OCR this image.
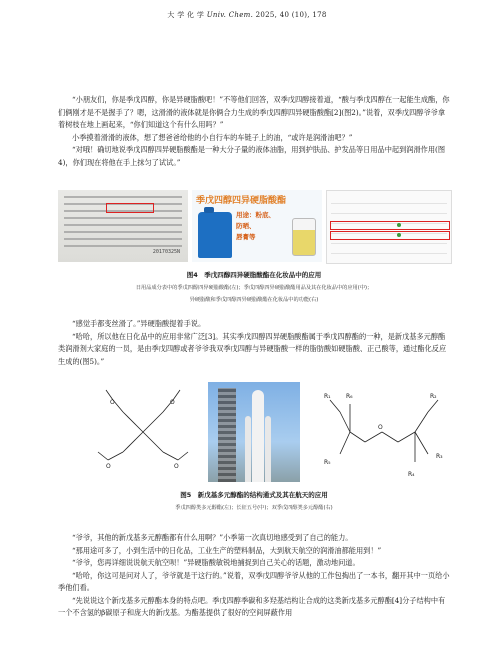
大 学 化 学 Univ. Chem. 2025, 40 (10), 178

“小朋友们，你是季戊四醇，你是异硬脂酸吧！”不等他们回答，双季戊四醇接着道，“酸与季戊四醇在一起能生成酯，你们俩刚才是不是握手了？嗯，这滑滑的液体就是你俩合力生成的季戊四醇四异硬脂酸酯[2](图2)。”说着，双季戊四醇爷爷拿着树枝在地上画起来，“你们知道这个有什么用吗？”

小季摸着滑滑的液体，想了想爸爸给他的小自行车的车链子上的油，“或许是润滑油吧？”

“对哦！确切地说季戊四醇四异硬脂酸酯是一种大分子量的液体油脂，用到护肤品、护发品等日用品中起到润滑作用(图4)，你们现在将他在手上抹匀了试试。”

20170325N
季戊四醇四异硬脂酸酯
用途：粉底、
防晒、
唇膏等
图4　季戊四醇四异硬脂酸酯在化妆品中的应用
日用品成分表中的季戊四醇四异硬脂酸酯(左)；季戊四醇四异硬脂酸酯用品及其在化妆品中的应用(中)；
异硬脂酸和季戊四醇四异硬脂酸酯在化妆品中的功能(右)

“感觉手都变丝滑了。”异硬脂酸提着手说。

“哈哈，所以他在日化品中的应用非常广泛[3]。其实季戊四醇四异硬脂酸酯属于季戊四醇酯的一种，是新戊基多元醇酯类润滑剂大家庭的一员，是由季戊四醇或者爷爷我双季戊四醇与异硬脂酸一样的脂肪酸如硬脂酸、正己酸等，通过酯化反应生成的(图5)。”

O	O
O	O
O
R₁	R₂
R₃
R₄
R₅
R₆
图5　新戊基多元醇酯的结构通式及其在航天的应用
季戊四醇类多元醇酯(左)；长征五号(中)；双季戊四醇类多元醇酯(右)

“爷爷，其他的新戊基多元醇酯都有什么用啊？”小季第一次真切地感受到了自己的能力。

“那用途可多了，小到生活中的日化品，工业生产的塑料制品，大到航天航空的润滑油都能用到！”

“爷爷，您再详细说说航天航空呗！”异硬脂酸敏锐地捕捉到自己关心的话题，激动地问道。

“哈哈，你这可是问对人了，爷爷就是干这行的。”说着，双季戊四醇爷爷从他的工作包掏出了一本书，翻开其中一页给小季他们看。

“先说说这个新戊基多元醇酯本身的特点吧。季戊四醇季碳和多羟基结构让合成的这类新戊基多元醇酯[4]分子结构中有一个不含氢的β碳原子和庞大的新戊基。为酯基提供了很好的空间屏蔽作用
